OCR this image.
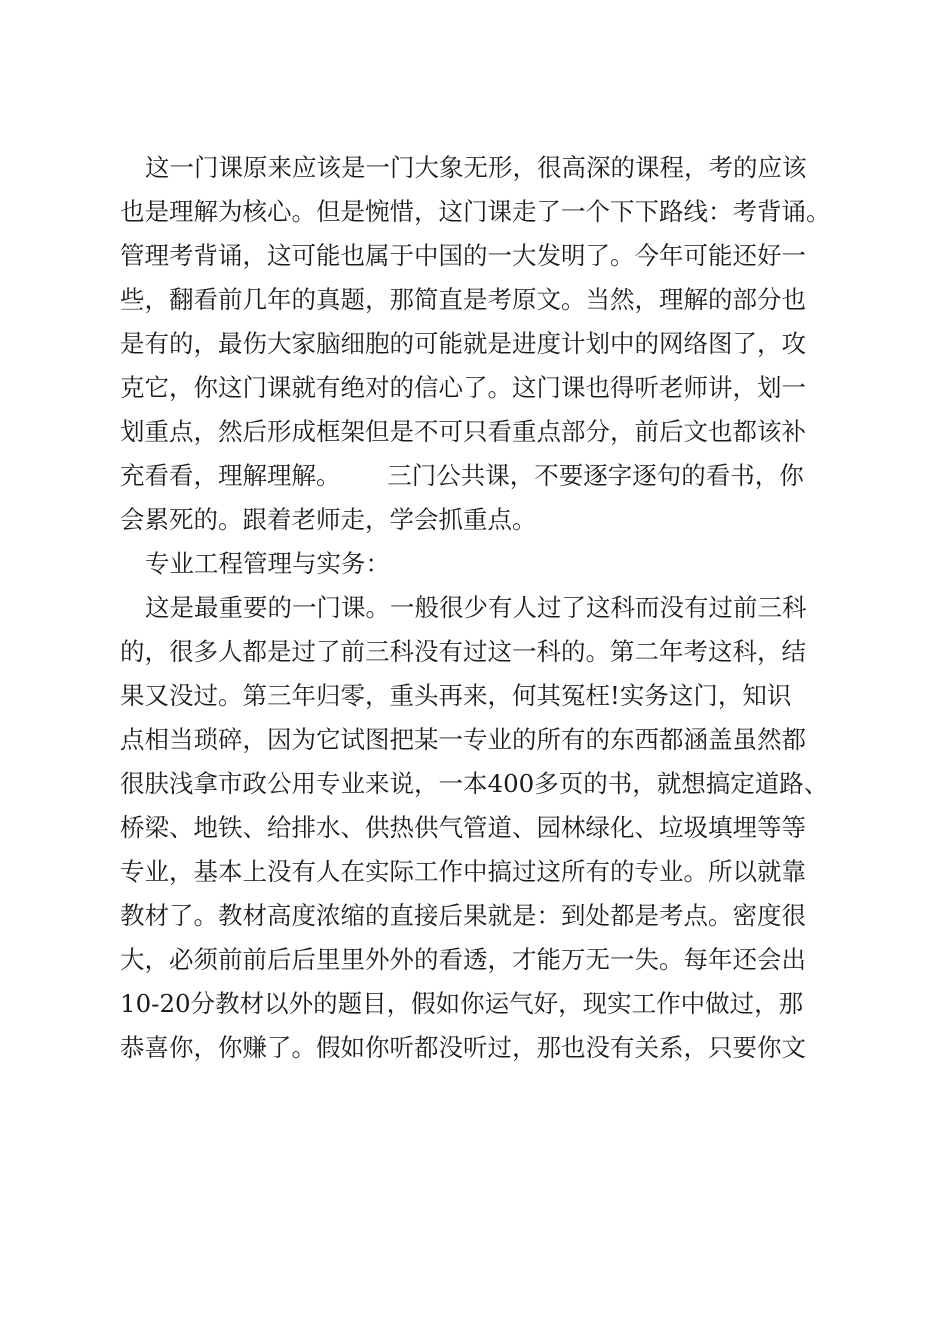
这一门课原来应该是一门大象无形，很高深的课程，考的应该
也是理解为核心。但是惋惜，这门课走了一个下下路线：考背诵。
管理考背诵，这可能也属于中国的一大发明了。今年可能还好一
些，翻看前几年的真题，那简直是考原文。当然，理解的部分也
是有的，最伤大家脑细胞的可能就是进度计划中的网络图了，攻
克它，你这门课就有绝对的信心了。这门课也得听老师讲，划一
划重点，然后形成框架但是不可只看重点部分，前后文也都该补
充看看，理解理解。      三门公共课，不要逐字逐句的看书，你
会累死的。跟着老师走，学会抓重点。
专业工程管理与实务：
这是最重要的一门课。一般很少有人过了这科而没有过前三科
的，很多人都是过了前三科没有过这一科的。第二年考这科，结
果又没过。第三年归零，重头再来，何其冤枉!实务这门，知识
点相当琐碎，因为它试图把某一专业的所有的东西都涵盖虽然都
很肤浅拿市政公用专业来说，一本400多页的书，就想搞定道路、
桥梁、地铁、给排水、供热供气管道、园林绿化、垃圾填埋等等
专业，基本上没有人在实际工作中搞过这所有的专业。所以就靠
教材了。教材高度浓缩的直接后果就是：到处都是考点。密度很
大，必须前前后后里里外外的看透，才能万无一失。每年还会出
10-20分教材以外的题目，假如你运气好，现实工作中做过，那
恭喜你，你赚了。假如你听都没听过，那也没有关系，只要你文
